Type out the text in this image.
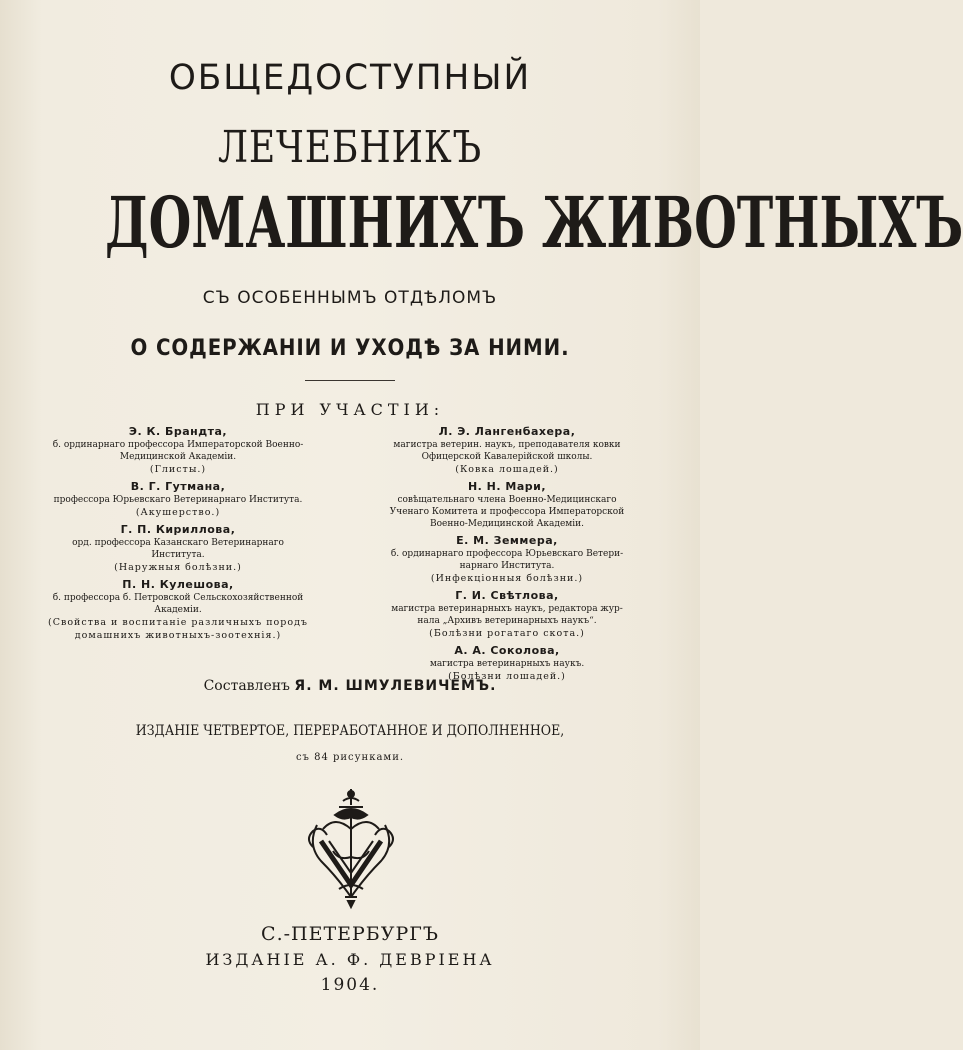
ОБЩЕДОСТУПНЫЙ
ЛЕЧЕБНИКЪ
ДОМАШНИХЪ ЖИВОТНЫХЪ
СЪ ОСОБЕННЫМЪ ОТДѢЛОМЪ
О СОДЕРЖАНІИ И УХОДѢ ЗА НИМИ.
ПРИ УЧАСТІИ:
Э. К. Брандта,
б. ординарнаго профессора Императорской Военно-
Медицинской Академіи.
(Глисты.)
В. Г. Гутмана,
профессора Юрьевскаго Ветеринарнаго Института.
(Акушерство.)
Г. П. Кириллова,
орд. профессора Казанскаго Ветеринарнаго
Института.
(Наружныя болѣзни.)
П. Н. Кулешова,
б. профессора б. Петровской Сельскохозяйственной
Академіи.
(Свойства и воспитаніе различныхъ породъ домашнихъ животныхъ-зоотехнія.)
Л. Э. Лангенбахера,
магистра ветерин. наукъ, преподавателя ковки
Офицерской Кавалерійской школы.
(Ковка лошадей.)
Н. Н. Мари,
совѣщательнаго члена Военно-Медицинскаго
Ученаго Комитета и профессора Императорской
Военно-Медицинской Академіи.
Е. М. Земмера,
б. ординарнаго профессора Юрьевскаго Ветери-
нарнаго Института.
(Инфекціонныя болѣзни.)
Г. И. Свѣтлова,
магистра ветеринарныхъ наукъ, редактора жур-
нала „Архивъ ветеринарныхъ наукъ“.
(Болѣзни рогатаго скота.)
А. А. Соколова,
магистра ветеринарныхъ наукъ.
(Болѣзни лошадей.)
Составленъ Я. М. ШМУЛЕВИЧЕМЪ.
ИЗДАНІЕ ЧЕТВЕРТОЕ, ПЕРЕРАБОТАННОЕ И ДОПОЛНЕННОЕ,
съ 84 рисунками.
С.-ПЕТЕРБУРГЪ
ИЗДАНІЕ А. Ф. ДЕВРІЕНА
1904.
